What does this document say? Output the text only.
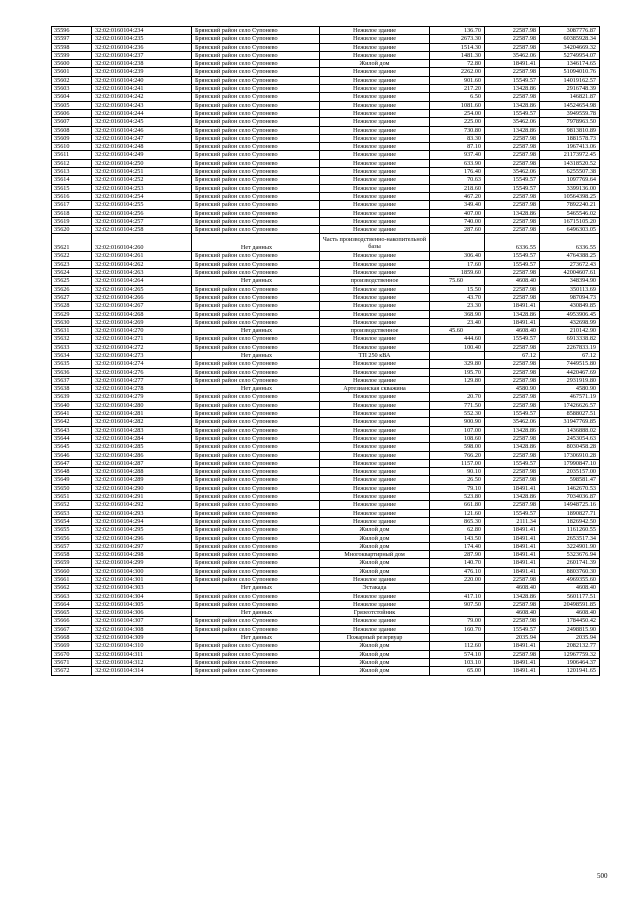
35596	32:02:0160104:234	Брянский район село Супонево	Нежилое здание	136.70	22587.98	3087776.87
35597	32:02:0160104:235	Брянский район село Супонево	Нежилое здание	2673.30	22587.98	60385928.34
35598	32:02:0160104:236	Брянский район село Супонево	Нежилое здание	1514.30	22587.98	34204669.32
35599	32:02:0160104:237	Брянский район село Супонево	Нежилое здание	1481.30	35462.06	52749954.07
35600	32:02:0160104:238	Брянский район село Супонево	Жилой дом	72.80	18491.41	1346174.65
35601	32:02:0160104:239	Брянский район село Супонево	Нежилое здание	2262.00	22587.98	51094010.76
35602	32:02:0160104:240	Брянский район село Супонево	Нежилое здание	901.60	15549.57	14019162.57
35603	32:02:0160104:241	Брянский район село Супонево	Нежилое здание	217.20	13428.86	2916748.39
35604	32:02:0160104:242	Брянский район село Супонево	Нежилое здание	6.50	22587.98	146821.87
35605	32:02:0160104:243	Брянский район село Супонево	Нежилое здание	1081.60	13428.86	14524654.98
35606	32:02:0160104:244	Брянский район село Супонево	Нежилое здание	254.00	15549.57	3949559.78
35607	32:02:0160104:245	Брянский район село Супонево	Нежилое здание	225.00	35462.06	7978963.50
35608	32:02:0160104:246	Брянский район село Супонево	Нежилое здание	730.80	13428.86	9813810.89
35609	32:02:0160104:247	Брянский район село Супонево	Нежилое здание	83.30	22587.98	1881578.73
35610	32:02:0160104:248	Брянский район село Супонево	Нежилое здание	87.10	22587.98	1967413.06
35611	32:02:0160104:249	Брянский район село Супонево	Нежилое здание	937.40	22587.98	21173972.45
35612	32:02:0160104:250	Брянский район село Супонево	Нежилое здание	633.90	22587.98	14318520.52
35613	32:02:0160104:251	Брянский район село Супонево	Нежилое здание	176.40	35462.06	6255507.38
35614	32:02:0160104:252	Брянский район село Супонево	Нежилое здание	70.63	15549.57	1097769.64
35615	32:02:0160104:253	Брянский район село Супонево	Нежилое здание	218.60	15549.57	3399136.00
35616	32:02:0160104:254	Брянский район село Супонево	Нежилое здание	467.20	22587.98	10564398.25
35617	32:02:0160104:255	Брянский район село Супонево	Нежилое здание	349.40	22587.98	7892240.21
35618	32:02:0160104:256	Брянский район село Супонево	Нежилое здание	407.00	13428.86	5465546.02
35619	32:02:0160104:257	Брянский район село Супонево	Нежилое здание	740.00	22587.98	16715105.20
35620	32:02:0160104:258	Брянский район село Супонево	Нежилое здание	287.60	22587.98	6496303.05
35621	32:02:0160104:260	Нет данных	Часть производственно-накопительной базы		6336.55	6336.55
35622	32:02:0160104:261	Брянский район село Супонево	Нежилое здание	306.40	15549.57	4764388.25
35623	32:02:0160104:262	Брянский район село Супонево	Нежилое здание	17.60	15549.57	273672.43
35624	32:02:0160104:263	Брянский район село Супонево	Нежилое здание	1859.60	22587.98	42004607.61
35625	32:02:0160104:264	Нет данных	производственное	75.60	4608.40	348394.90
35626	32:02:0160104:265	Брянский район село Супонево	Нежилое здание	15.50	22587.98	350113.69
35627	32:02:0160104:266	Брянский район село Супонево	Нежилое здание	43.70	22587.98	987094.73
35628	32:02:0160104:267	Брянский район село Супонево	Нежилое здание	23.30	18491.41	430849.85
35629	32:02:0160104:268	Брянский район село Супонево	Нежилое здание	368.90	13428.86	4953906.45
35630	32:02:0160104:269	Брянский район село Супонево	Нежилое здание	23.40	18491.41	432698.99
35631	32:02:0160104:270	Нет данных	производственное	45.60	4608.40	210142.90
35632	32:02:0160104:271	Брянский район село Супонево	Нежилое здание	444.60	15549.57	6913338.82
35633	32:02:0160104:272	Брянский район село Супонево	Нежилое здание	100.40	22587.98	2267833.19
35634	32:02:0160104:273	Нет данных	ТП 250 кВА		67.12	67.12
35635	32:02:0160104:274	Брянский район село Супонево	Нежилое здание	329.80	22587.98	7449515.80
35636	32:02:0160104:276	Брянский район село Супонево	Нежилое здание	195.70	22587.98	4420467.69
35637	32:02:0160104:277	Брянский район село Супонево	Нежилое здание	129.80	22587.98	2931919.80
35638	32:02:0160104:278	Нет данных	Артезианская скважина		4580.90	4580.90
35639	32:02:0160104:279	Брянский район село Супонево	Нежилое здание	20.70	22587.98	467571.19
35640	32:02:0160104:280	Брянский район село Супонево	Нежилое здание	771.50	22587.98	17426626.57
35641	32:02:0160104:281	Брянский район село Супонево	Нежилое здание	552.30	15549.57	8588027.51
35642	32:02:0160104:282	Брянский район село Супонево	Нежилое здание	900.90	35462.06	31947769.85
35643	32:02:0160104:283	Брянский район село Супонево	Нежилое здание	107.00	13428.86	1436888.02
35644	32:02:0160104:284	Брянский район село Супонево	Нежилое здание	108.60	22587.98	2453054.63
35645	32:02:0160104:285	Брянский район село Супонево	Нежилое здание	598.00	13428.86	8030458.28
35646	32:02:0160104:286	Брянский район село Супонево	Нежилое здание	766.20	22587.98	17306910.28
35647	32:02:0160104:287	Брянский район село Супонево	Нежилое здание	1157.00	15549.57	17990847.10
35648	32:02:0160104:288	Брянский район село Супонево	Нежилое здание	90.10	22587.98	2035157.00
35649	32:02:0160104:289	Брянский район село Супонево	Нежилое здание	26.50	22587.98	598581.47
35650	32:02:0160104:290	Брянский район село Супонево	Нежилое здание	79.10	18491.41	1462670.53
35651	32:02:0160104:291	Брянский район село Супонево	Нежилое здание	523.80	13428.86	7034036.87
35652	32:02:0160104:292	Брянский район село Супонево	Нежилое здание	661.80	22587.98	14948725.16
35653	32:02:0160104:293	Брянский район село Супонево	Нежилое здание	121.60	15549.57	1890827.71
35654	32:02:0160104:294	Брянский район село Супонево	Нежилое здание	865.30	2111.34	1826942.50
35655	32:02:0160104:295	Брянский район село Супонево	Жилой дом	62.80	18491.41	1161260.55
35656	32:02:0160104:296	Брянский район село Супонево	Жилой дом	143.50	18491.41	2653517.34
35657	32:02:0160104:297	Брянский район село Супонево	Жилой дом	174.40	18491.41	3224901.90
35658	32:02:0160104:298	Брянский район село Супонево	Многоквартирный дом	287.90	18491.41	5323676.94
35659	32:02:0160104:299	Брянский район село Супонево	Жилой дом	140.70	18491.41	2601741.39
35660	32:02:0160104:300	Брянский район село Супонево	Жилой дом	476.10	18491.41	8803760.30
35661	32:02:0160104:301	Брянский район село Супонево	Нежилое здание	220.00	22587.98	4969355.60
35662	32:02:0160104:303	Нет данных	Эстакада		4608.40	4608.40
35663	32:02:0160104:304	Брянский район село Супонево	Нежилое здание	417.10	13428.86	5601177.51
35664	32:02:0160104:305	Брянский район село Супонево	Нежилое здание	907.50	22587.98	20498591.85
35665	32:02:0160104:306	Нет данных	Грязеотстойник		4608.40	4608.40
35666	32:02:0160104:307	Брянский район село Супонево	Нежилое здание	79.00	22587.98	1784450.42
35667	32:02:0160104:308	Брянский район село Супонево	Нежилое здание	160.70	15549.57	2498815.90
35668	32:02:0160104:309	Нет данных	Пожарный резервуар		2035.94	2035.94
35669	32:02:0160104:310	Брянский район село Супонево	Жилой дом	112.60	18491.41	2082132.77
35670	32:02:0160104:311	Брянский район село Супонево	Жилой дом	574.10	22587.98	12967759.32
35671	32:02:0160104:312	Брянский район село Супонево	Жилой дом	103.10	18491.41	1906464.37
35672	32:02:0160104:314	Брянский район село Супонево	Жилой дом	65.00	18491.41	1201941.65
500
